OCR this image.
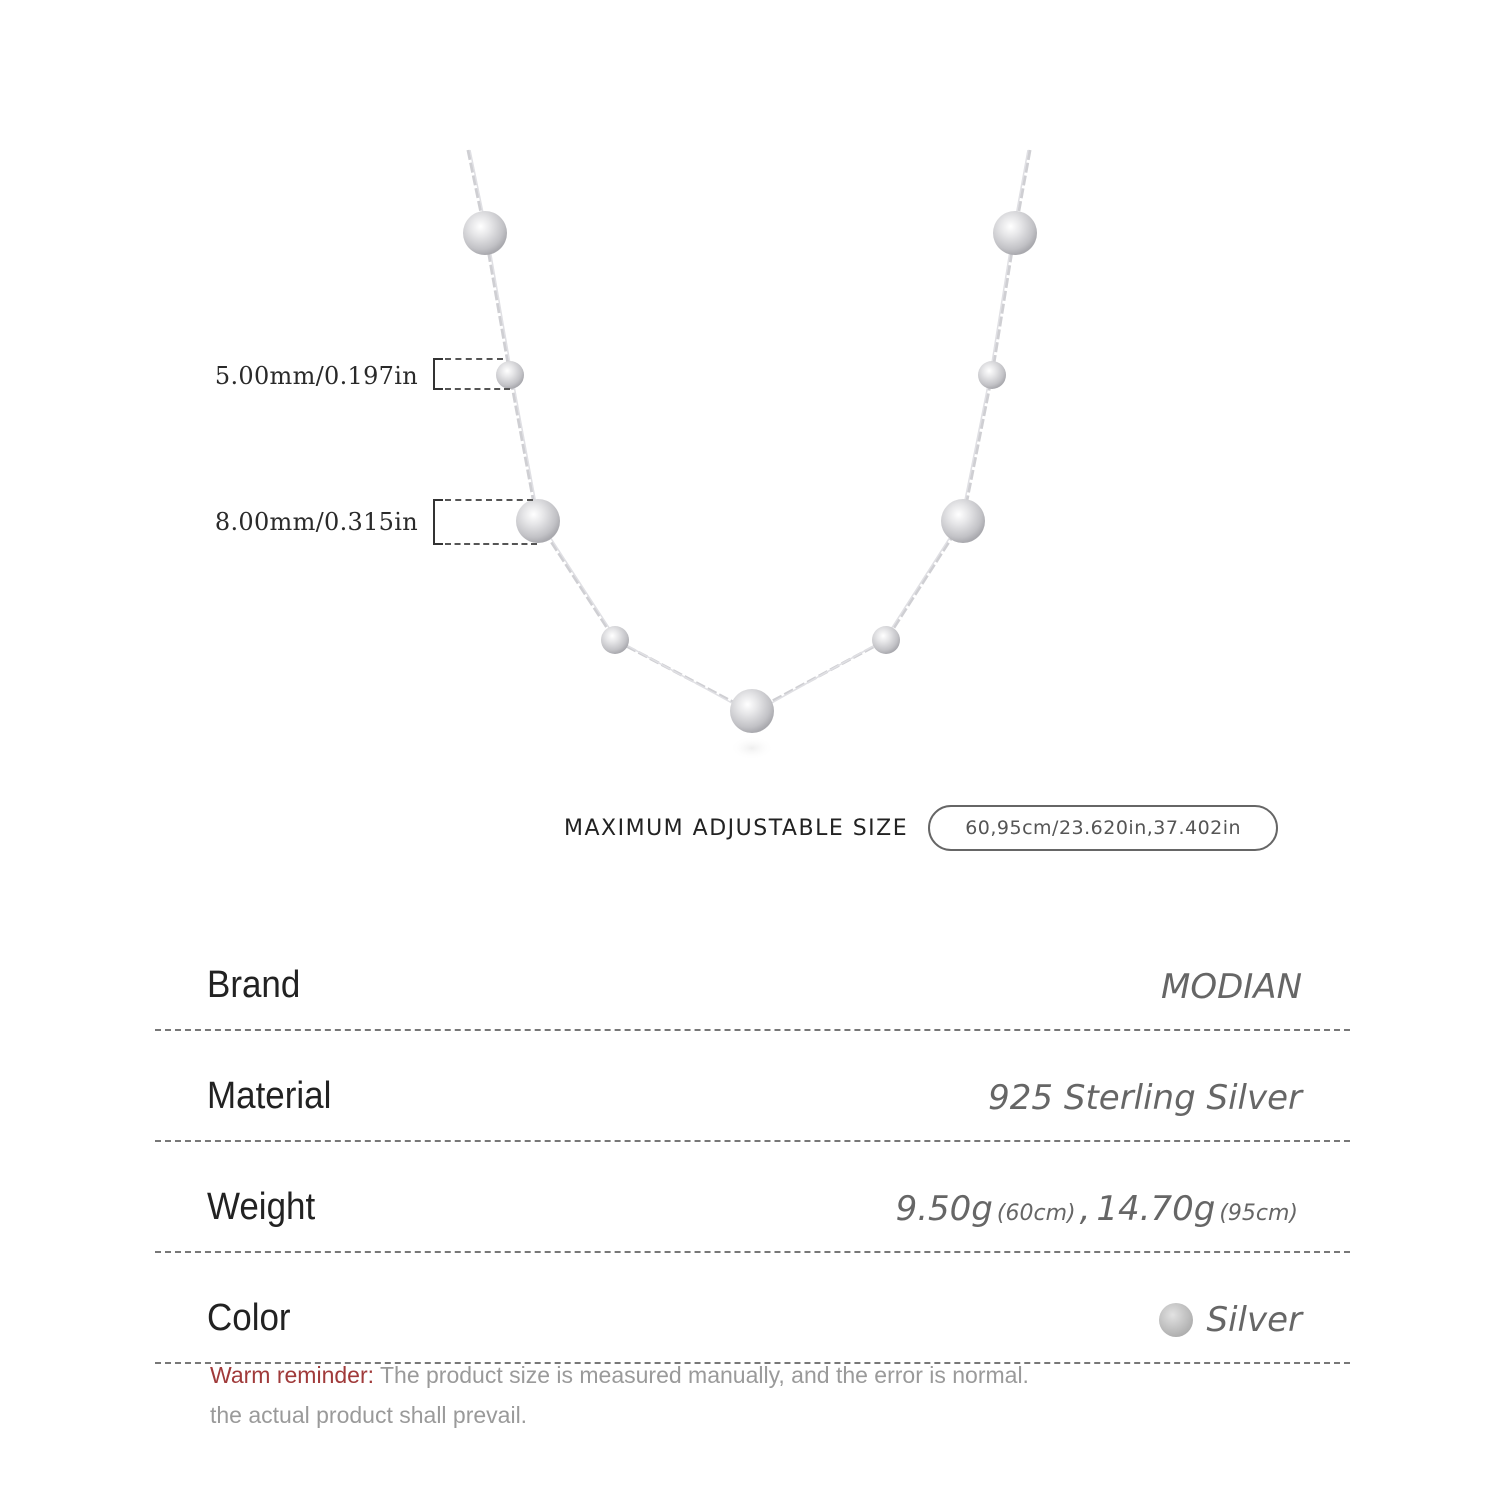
5.00mm/0.197in
8.00mm/0.315in
MAXIMUM ADJUSTABLE SIZE	60,95cm/23.620in,37.402in
Brand	MODIAN
Material	925 Sterling Silver
Weight	9.50g (60cm) , 14.70g (95cm)
Color	Silver
Warm reminder: The product size is measured manually, and the error is normal.
the actual product shall prevail.
